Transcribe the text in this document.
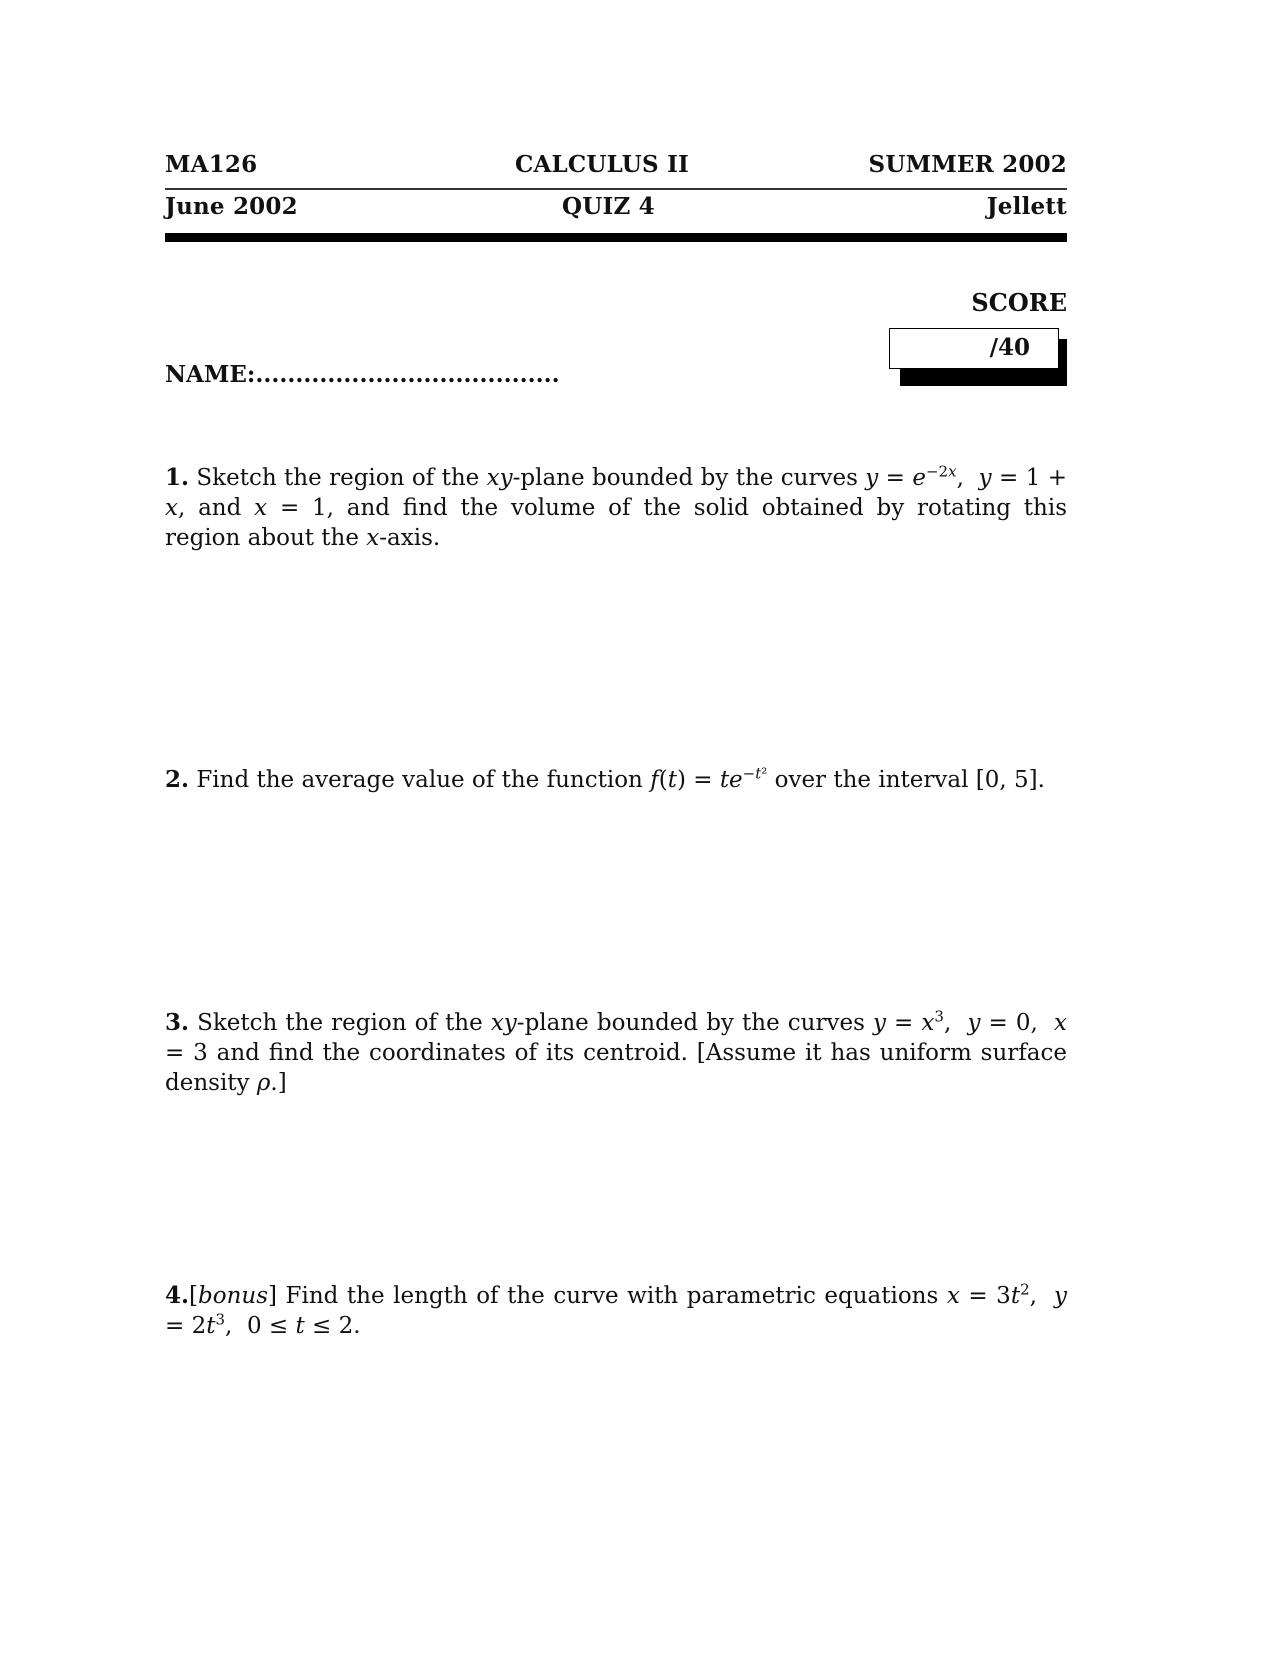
MA126	CALCULUS II	SUMMER 2002
June 2002	QUIZ 4	Jellett
SCORE
/40
NAME:......................................
1. Sketch the region of the xy-plane bounded by the curves $y = e^{-2x}$,  y = 1 + x, and x = 1, and find the volume of the solid obtained by rotating this region about the x-axis.
2. Find the average value of the function $f(t) = te^{-t^2}$ over the interval [0, 5].
3. Sketch the region of the xy-plane bounded by the curves $y = x^3$,  y = 0,  x = 3 and find the coordinates of its centroid. [Assume it has uniform surface density ρ.]
4.[bonus] Find the length of the curve with parametric equations $x = 3t^2$,  $y = 2t^3$,  0 ≤ t ≤ 2.
